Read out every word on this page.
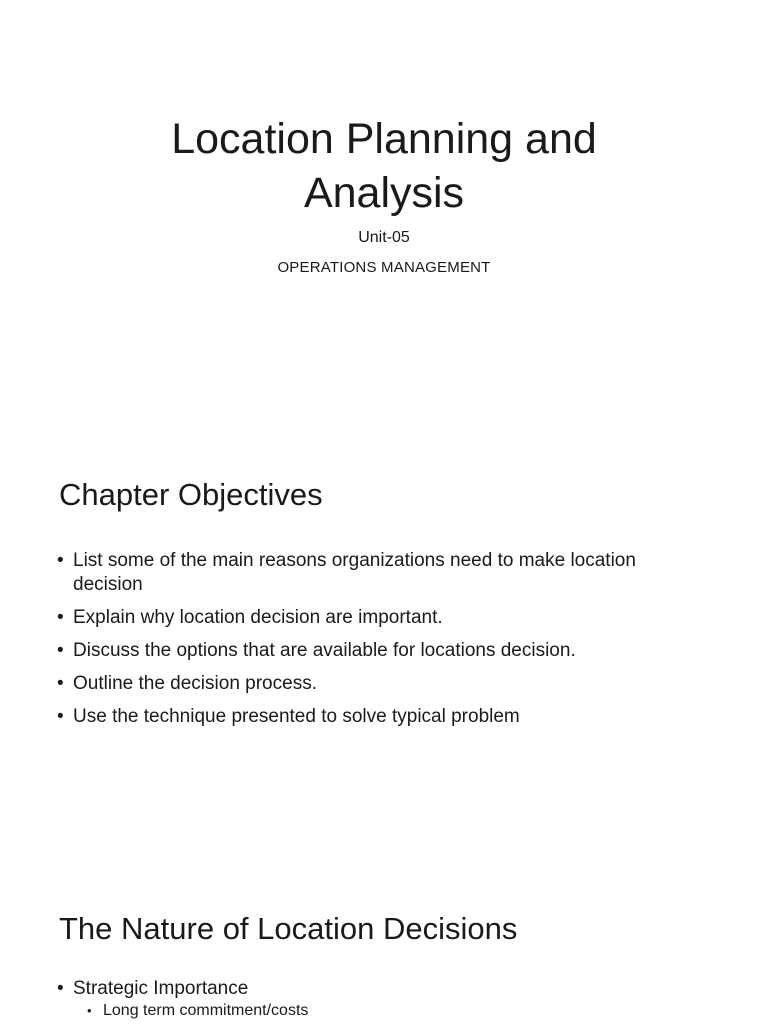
Location Planning and Analysis
Unit-05
OPERATIONS MANAGEMENT
Chapter Objectives
• List some of the main reasons organizations need to make location decision
• Explain why location decision are important.
• Discuss the options that are available for locations decision.
• Outline the decision process.
• Use the technique presented to solve typical problem
The Nature of Location Decisions
• Strategic Importance
• Long term commitment/costs
